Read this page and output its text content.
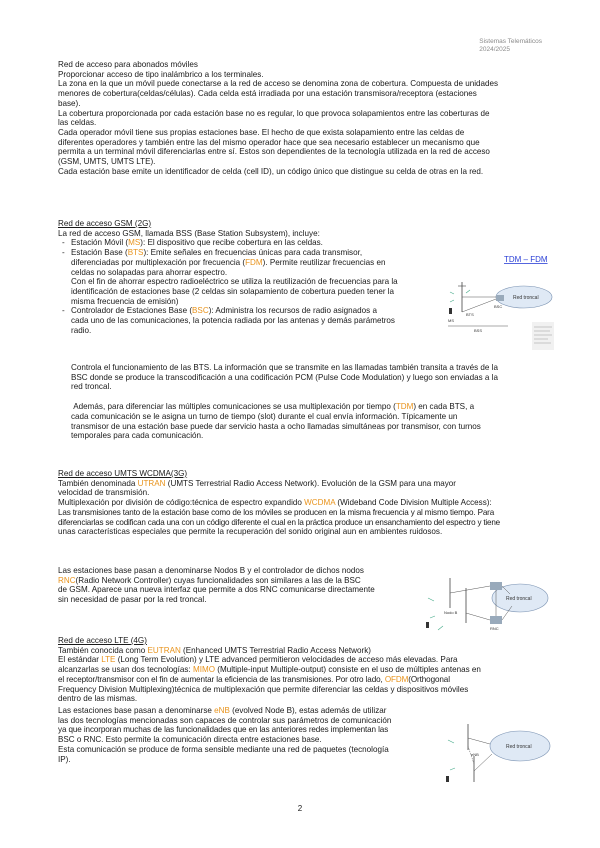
Sistemas Telemáticos
2024/2025

Red de acceso para abonados móviles

Proporcionar acceso de tipo inalámbrico a los terminales.

La zona en la que un móvil puede conectarse a la red de acceso se denomina zona de cobertura. Compuesta de unidades

menores de cobertura(celdas/células). Cada celda está irradiada por una estación transmisora/receptora (estaciones

base).

La cobertura proporcionada por cada estación base no es regular, lo que provoca solapamientos entre las coberturas de

las celdas.

Cada operador móvil tiene sus propias estaciones base. El hecho de que exista solapamiento entre las celdas de

diferentes operadores y también entre las del mismo operador hace que sea necesario establecer un mecanismo que

permita a un terminal móvil diferenciarlas entre sí. Estos son dependientes de la tecnología utilizada en la red de acceso

(GSM, UMTS, UMTS LTE).

Cada estación base emite un identificador de celda (cell ID), un código único que distingue su celda de otras en la red.

Red de acceso GSM (2G)

La red de acceso GSM, llamada BSS (Base Station Subsystem), incluye:

- Estación Móvil (MS): El dispositivo que recibe cobertura en las celdas.

- Estación Base (BTS): Emite señales en frecuencias únicas para cada transmisor,

diferenciadas por multiplexación por frecuencia (FDM). Permite reutilizar frecuencias en

celdas no solapadas para ahorrar espectro.

Con el fin de ahorrar espectro radioeléctrico se utiliza la reutilización de frecuencias para la

identificación de estaciones base (2 celdas sin solapamiento de cobertura pueden tener la

misma frecuencia de emisión)

- Controlador de Estaciones Base (BSC): Administra los recursos de radio asignados a

cada uno de las comunicaciones, la potencia radiada por las antenas y demás parámetros

radio.

Controla el funcionamiento de las BTS. La información que se transmite en las llamadas también transita a través de la

BSC donde se produce la transcodificación a una codificación PCM (Pulse Code Modulation) y luego son enviadas a la

red troncal.

Además, para diferenciar las múltiples comunicaciones se usa multiplexación por tiempo (TDM) en cada BTS, a

cada comunicación se le asigna un turno de tiempo (slot) durante el cual envía información. Típicamente un

transmisor de una estación base puede dar servicio hasta a ocho llamadas simultáneas por transmisor, con turnos

temporales para cada comunicación.

TDM – FDM
Red troncal
BSC
BTS
MS
BSS

Red de acceso UMTS WCDMA(3G)

También denominada UTRAN (UMTS Terrestrial Radio Access Network). Evolución de la GSM para una mayor

velocidad de transmisión.

Multiplexación por división de código:técnica de espectro expandido WCDMA (Wideband Code Division Multiple Access):

Las transmisiones tanto de la estación base como de los móviles se producen en la misma frecuencia y al mismo tiempo. Para

diferenciarlas se codifican cada una con un código diferente el cual en la práctica produce un ensanchamiento del espectro y tiene

unas características especiales que permite la recuperación del sonido original aun en ambientes ruidosos.

Las estaciones base pasan a denominarse Nodos B y el controlador de dichos nodos

RNC(Radio Network Controller) cuyas funcionalidades son similares a las de la BSC

de GSM. Aparece una nueva interfaz que permite a dos RNC comunicarse directamente

sin necesidad de pasar por la red troncal.	Red troncal
RNC
Nodo B

Red de acceso LTE (4G)

También conocida como EUTRAN (Enhanced UMTS Terrestrial Radio Access Network)

El estándar LTE (Long Term Evolution) y LTE advanced permitieron velocidades de acceso más elevadas. Para

alcanzarlas se usan dos tecnologías: MIMO (Multiple-input Multiple-output) consiste en el uso de múltiples antenas en

el receptor/transmisor con el fin de aumentar la eficiencia de las transmisiones. Por otro lado, OFDM(Orthogonal

Frequency Division Multiplexing)técnica de multiplexación que permite diferenciar las celdas y dispositivos móviles

dentro de las mismas.

Las estaciones base pasan a denominarse eNB (evolved Node B), estas además de utilizar

las dos tecnologías mencionadas son capaces de controlar sus parámetros de comunicación

ya que incorporan muchas de las funcionalidades que en las anteriores redes implementan las

BSC o RNC. Esto permite la comunicación directa entre estaciones base.

Esta comunicación se produce de forma sensible mediante una red de paquetes (tecnología

IP).

Red troncal
eNB
2
